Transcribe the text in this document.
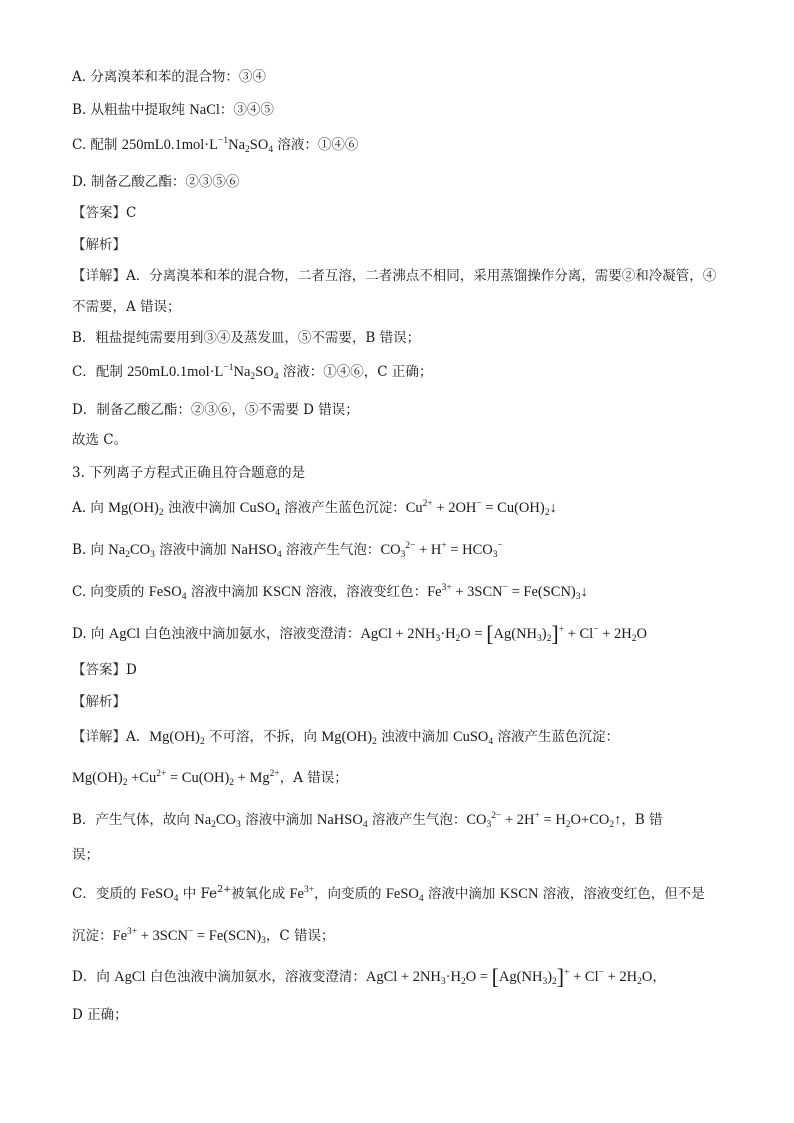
A. 分离溴苯和苯的混合物：③④
B. 从粗盐中提取纯 NaCl：③④⑤
C. 配制 $250mL0.1mol\cdot L^{-1}Na_2SO_4$ 溶液：①④⑥
D. 制备乙酸乙酯：②③⑤⑥
【答案】C
【解析】
【详解】A．分离溴苯和苯的混合物，二者互溶，二者沸点不相同，采用蒸馏操作分离，需要②和冷凝管，④
不需要，A 错误；
B．粗盐提纯需要用到③④及蒸发皿，⑤不需要，B 错误；
C．配制 $250mL0.1mol\cdot L^{-1}Na_2SO_4$ 溶液：①④⑥，C 正确；
D．制备乙酸乙酯：②③⑥，⑤不需要 D 错误；
故选 C。
3. 下列离子方程式正确且符合题意的是
A. 向 $Mg(OH)_2$ 浊液中滴加 CuSO$_4$ 溶液产生蓝色沉淀：$Cu^{2+} + 2OH^-$ = $Cu(OH)_2↓$
B. 向 $Na_2CO_3$ 溶液中滴加 NaHSO$_4$ 溶液产生气泡：$CO_3^{2-} + H^+ = HCO_3^-$
C. 向变质的 FeSO$_4$ 溶液中滴加 KSCN 溶液，溶液变红色：$Fe^{3+} + 3SCN^-$ = $Fe(SCN)_3↓$
D. 向 AgCl 白色浊液中滴加氨水，溶液变澄清：AgCl + $2NH_3\cdot H_2O = [Ag(NH_3)_2]^+ + Cl^- + 2H_2O$
【答案】D
【解析】
【详解】A．$Mg(OH)_2$ 不可溶，不拆，向 $Mg(OH)_2$ 浊液中滴加 CuSO$_4$ 溶液产生蓝色沉淀：
$Mg(OH)_2 +Cu^{2+} = Cu(OH)_2 + Mg^{2+}$，A 错误；
B．产生气体，故向 $Na_2CO_3$ 溶液中滴加 NaHSO$_4$ 溶液产生气泡：$CO_3^{2-} + 2H^+$ = $H_2O+CO_2↑$，B 错
误；
C．变质的 FeSO$_4$ 中 $Fe^{2+}$被氧化成 $Fe^{3+}$，向变质的 FeSO$_4$ 溶液中滴加 KSCN 溶液，溶液变红色，但不是
沉淀：$Fe^{3+} + 3SCN^- = Fe(SCN)_3$，C 错误；
D．向 AgCl 白色浊液中滴加氨水，溶液变澄清：AgCl + $2NH_3\cdot H_2O = [Ag(NH_3)_2]^+ + Cl^- + 2H_2O$，
D 正确；
